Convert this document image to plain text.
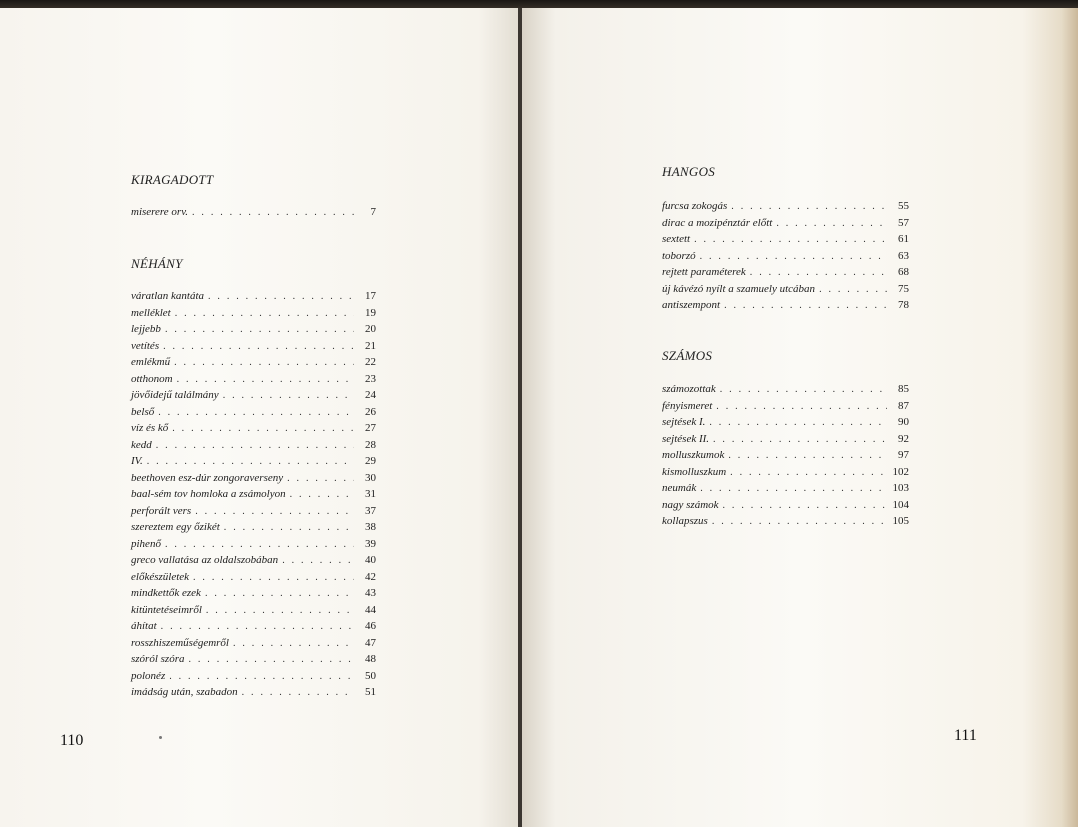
KIRAGADOTT
miserere orv. . . .	7
NÉHÁNY
váratlan kantáta . . .	17
melléklet . . .	19
lejjebb . . .	20
vetítés . . .	21
emlékmű . . .	22
otthonom . . .	23
jövőidejű találmány . . .	24
belső . . .	26
víz és kő . . .	27
kedd . . .	28
IV. . . .	29
beethoven esz-dúr zongoraverseny . . .	30
baal-sém tov homloka a zsámolyon . . .	31
perforált vers . . .	37
szereztem egy őzikét . . .	38
pihenő . . .	39
greco vallatása az oldalszobában . . .	40
előkészületek . . .	42
mindkettők ezek . . .	43
kitüntetéseimről . . .	44
áhítat . . .	46
rosszhiszeműségemről . . .	47
szóról szóra . . .	48
polonéz . . .	50
imádság után, szabadon . . .	51
110
HANGOS
furcsa zokogás . . .	55
dirac a mozipénztár előtt . . .	57
sextett . . .	61
toborzó . . .	63
rejtett paraméterek . . .	68
új kávézó nyílt a szamuely utcában . . .	75
antiszempont . . .	78
SZÁMOS
számozottak . . .	85
fényismeret . . .	87
sejtések I. . . .	90
sejtések II. . . .	92
molluszkumok . . .	97
kismolluszkum . . .	102
neumák . . .	103
nagy számok . . .	104
kollapszus . . .	105
111
